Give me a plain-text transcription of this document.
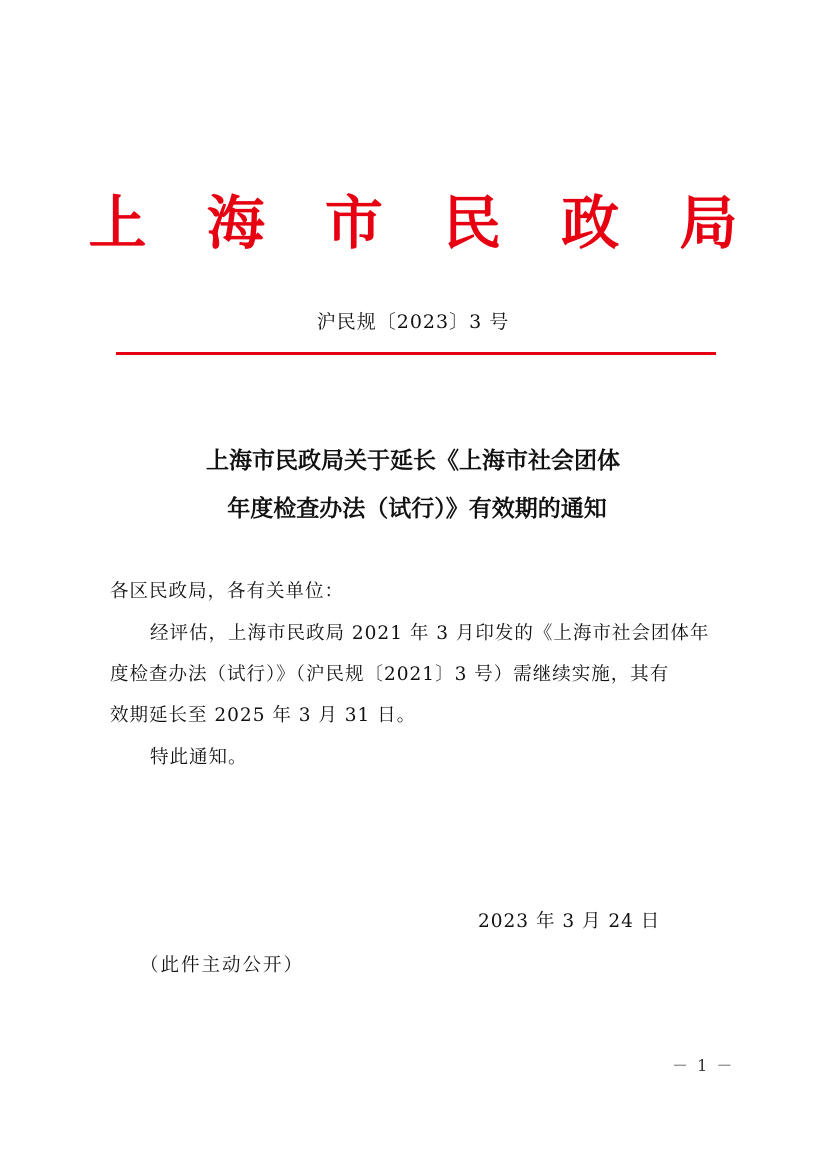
上 海 市 民 政 局
沪民规〔2023〕3 号
上海市民政局关于延长《上海市社会团体
年度检查办法（试行）》有效期的通知
各区民政局，各有关单位：
经评估，上海市民政局 2021 年 3 月印发的《上海市社会团体年
度检查办法（试行）》（沪民规〔2021〕3 号）需继续实施，其有
效期延长至 2025 年 3 月 31 日。
特此通知。
2023 年 3 月 24 日
（此件主动公开）
－ 1 －
